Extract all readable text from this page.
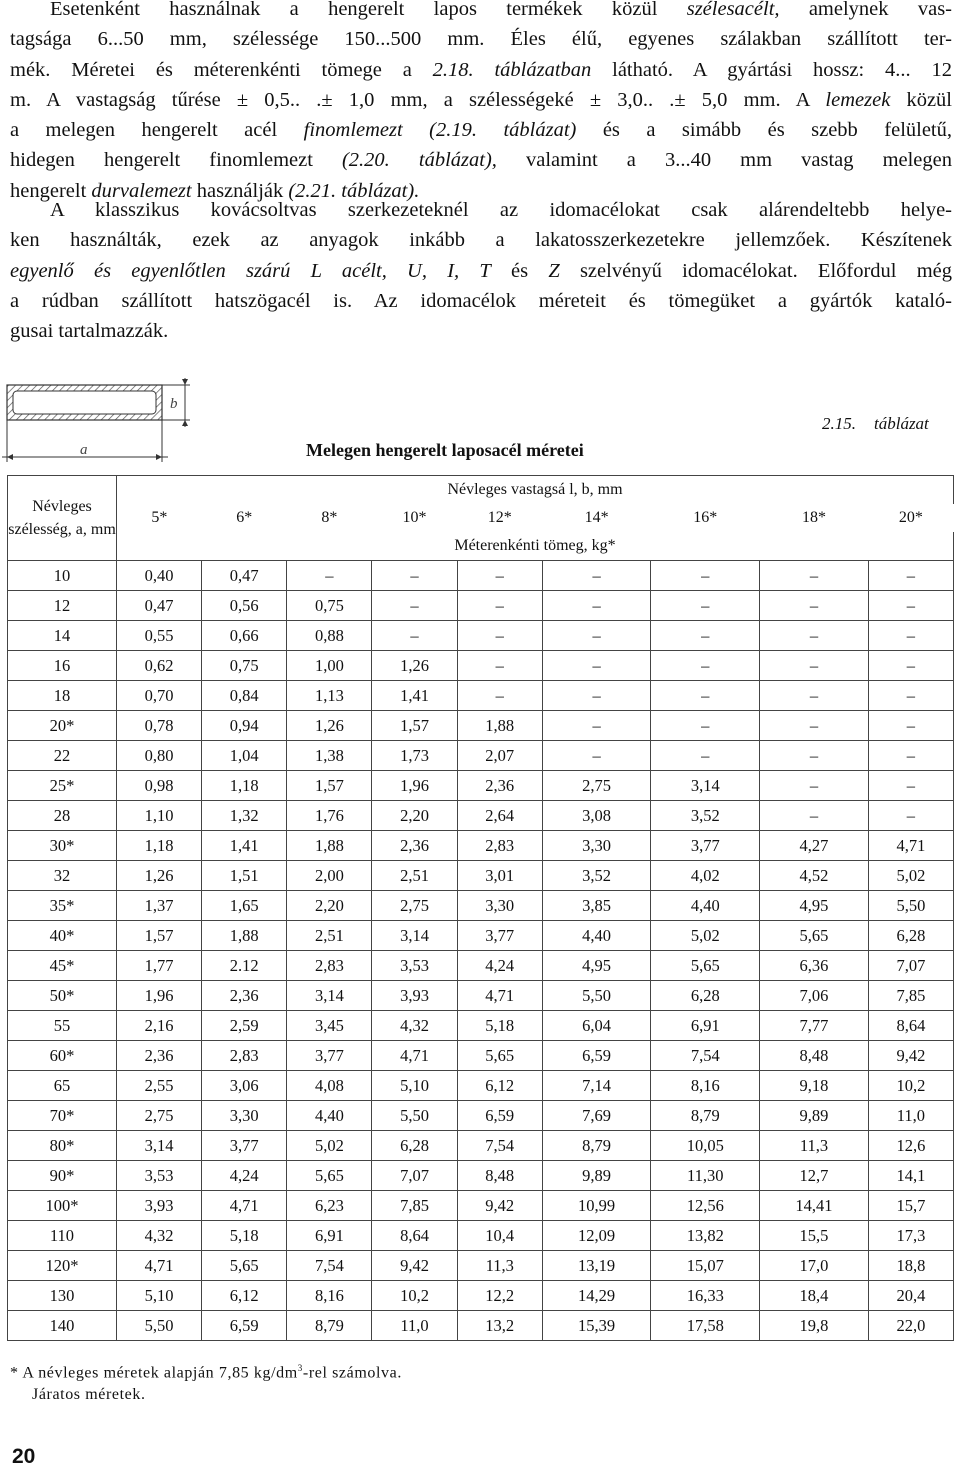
Esetenként használnak a hengerelt lapos termékek közül szélesacélt, amelynek vas-
tagsága 6...50 mm, szélessége 150...500 mm. Éles élű, egyenes szálakban szállított ter-
mék. Méretei és méterenkénti tömege a 2.18. táblázatban látható. A gyártási hossz: 4... 12
m. A vastagság tűrése ± 0,5.. .± 1,0 mm, a szélességeké ± 3,0.. .± 5,0 mm. A lemezek közül
a melegen hengerelt acél finomlemezt (2.19. táblázat) és a simább és szebb felületű,
hidegen hengerelt finomlemezt (2.20. táblázat), valamint a 3...40 mm vastag melegen
hengerelt durvalemezt használják (2.21. táblázat).
A klasszikus kovácsoltvas szerkezeteknél az idomacélokat csak alárendeltebb helye-
ken használták, ezek az anyagok inkább a lakatosszerkezetekre jellemzőek. Készítenek
egyenlő és egyenlőtlen szárú L acélt, U, I, T és Z szelvényű idomacélokat. Előfordul még
a rúdban szállított hatszögacél is. Az idomacélok méreteit és tömegüket a gyártók kataló-
gusai tartalmazzák.
a
b
Melegen hengerelt laposacél méretei
2.15. táblázat
Névleges szélesség, a, mm	Névleges vastagsá l, b, mm								
	5*	6*	8*	10*	12*	14*	16*	18*	20*
	Méterenkénti tömeg, kg*								
10	0,40	0,47	–	–	–	–	–	–	–
12	0,47	0,56	0,75	–	–	–	–	–	–
14	0,55	0,66	0,88	–	–	–	–	–	–
16	0,62	0,75	1,00	1,26	–	–	–	–	–
18	0,70	0,84	1,13	1,41	–	–	–	–	–
20*	0,78	0,94	1,26	1,57	1,88	–	–	–	–
22	0,80	1,04	1,38	1,73	2,07	–	–	–	–
25*	0,98	1,18	1,57	1,96	2,36	2,75	3,14	–	–
28	1,10	1,32	1,76	2,20	2,64	3,08	3,52	–	–
30*	1,18	1,41	1,88	2,36	2,83	3,30	3,77	4,27	4,71
32	1,26	1,51	2,00	2,51	3,01	3,52	4,02	4,52	5,02
35*	1,37	1,65	2,20	2,75	3,30	3,85	4,40	4,95	5,50
40*	1,57	1,88	2,51	3,14	3,77	4,40	5,02	5,65	6,28
45*	1,77	2.12	2,83	3,53	4,24	4,95	5,65	6,36	7,07
50*	1,96	2,36	3,14	3,93	4,71	5,50	6,28	7,06	7,85
55	2,16	2,59	3,45	4,32	5,18	6,04	6,91	7,77	8,64
60*	2,36	2,83	3,77	4,71	5,65	6,59	7,54	8,48	9,42
65	2,55	3,06	4,08	5,10	6,12	7,14	8,16	9,18	10,2
70*	2,75	3,30	4,40	5,50	6,59	7,69	8,79	9,89	11,0
80*	3,14	3,77	5,02	6,28	7,54	8,79	10,05	11,3	12,6
90*	3,53	4,24	5,65	7,07	8,48	9,89	11,30	12,7	14,1
100*	3,93	4,71	6,23	7,85	9,42	10,99	12,56	14,41	15,7
110	4,32	5,18	6,91	8,64	10,4	12,09	13,82	15,5	17,3
120*	4,71	5,65	7,54	9,42	11,3	13,19	15,07	17,0	18,8
130	5,10	6,12	8,16	10,2	12,2	14,29	16,33	18,4	20,4
140	5,50	6,59	8,79	11,0	13,2	15,39	17,58	19,8	22,0
* A névleges méretek alapján 7,85 $kg/dm^3$-rel számolva.
Járatos méretek.
20
